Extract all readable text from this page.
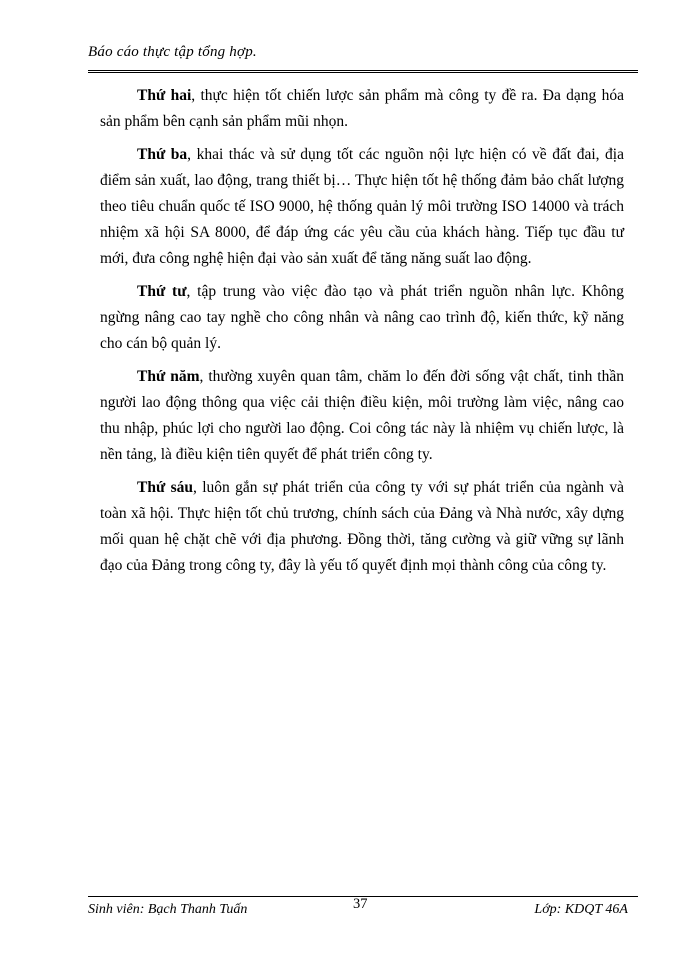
Báo cáo thực tập tổng hợp.

Thứ hai, thực hiện tốt chiến lược sản phẩm mà công ty đề ra. Đa dạng hóa sản phẩm bên cạnh sản phẩm mũi nhọn.

Thứ ba, khai thác và sử dụng tốt các nguồn nội lực hiện có về đất đai, địa điểm sản xuất, lao động, trang thiết bị… Thực hiện tốt hệ thống đảm bảo chất lượng theo tiêu chuẩn quốc tế ISO 9000, hệ thống quản lý môi trường ISO 14000 và trách nhiệm xã hội SA 8000, để đáp ứng các yêu cầu của khách hàng. Tiếp tục đầu tư mới, đưa công nghệ hiện đại vào sản xuất để tăng năng suất lao động.

Thứ tư, tập trung vào việc đào tạo và phát triển nguồn nhân lực. Không ngừng nâng cao tay nghề cho công nhân và nâng cao trình độ, kiến thức, kỹ năng cho cán bộ quản lý.

Thứ năm, thường xuyên quan tâm, chăm lo đến đời sống vật chất, tinh thần người lao động thông qua việc cải thiện điều kiện, môi trường làm việc, nâng cao thu nhập, phúc lợi cho người lao động. Coi công tác này là nhiệm vụ chiến lược, là nền tảng, là điều kiện tiên quyết để phát triển công ty.

Thứ sáu, luôn gắn sự phát triển của công ty với sự phát triển của ngành và toàn xã hội. Thực hiện tốt chủ trương, chính sách của Đảng và Nhà nước, xây dựng mối quan hệ chặt chẽ với địa phương. Đồng thời, tăng cường và giữ vững sự lãnh đạo của Đảng trong công ty, đây là yếu tố quyết định mọi thành công của công ty.

Sinh viên: Bạch Thanh Tuấn	37	Lớp: KDQT 46A
